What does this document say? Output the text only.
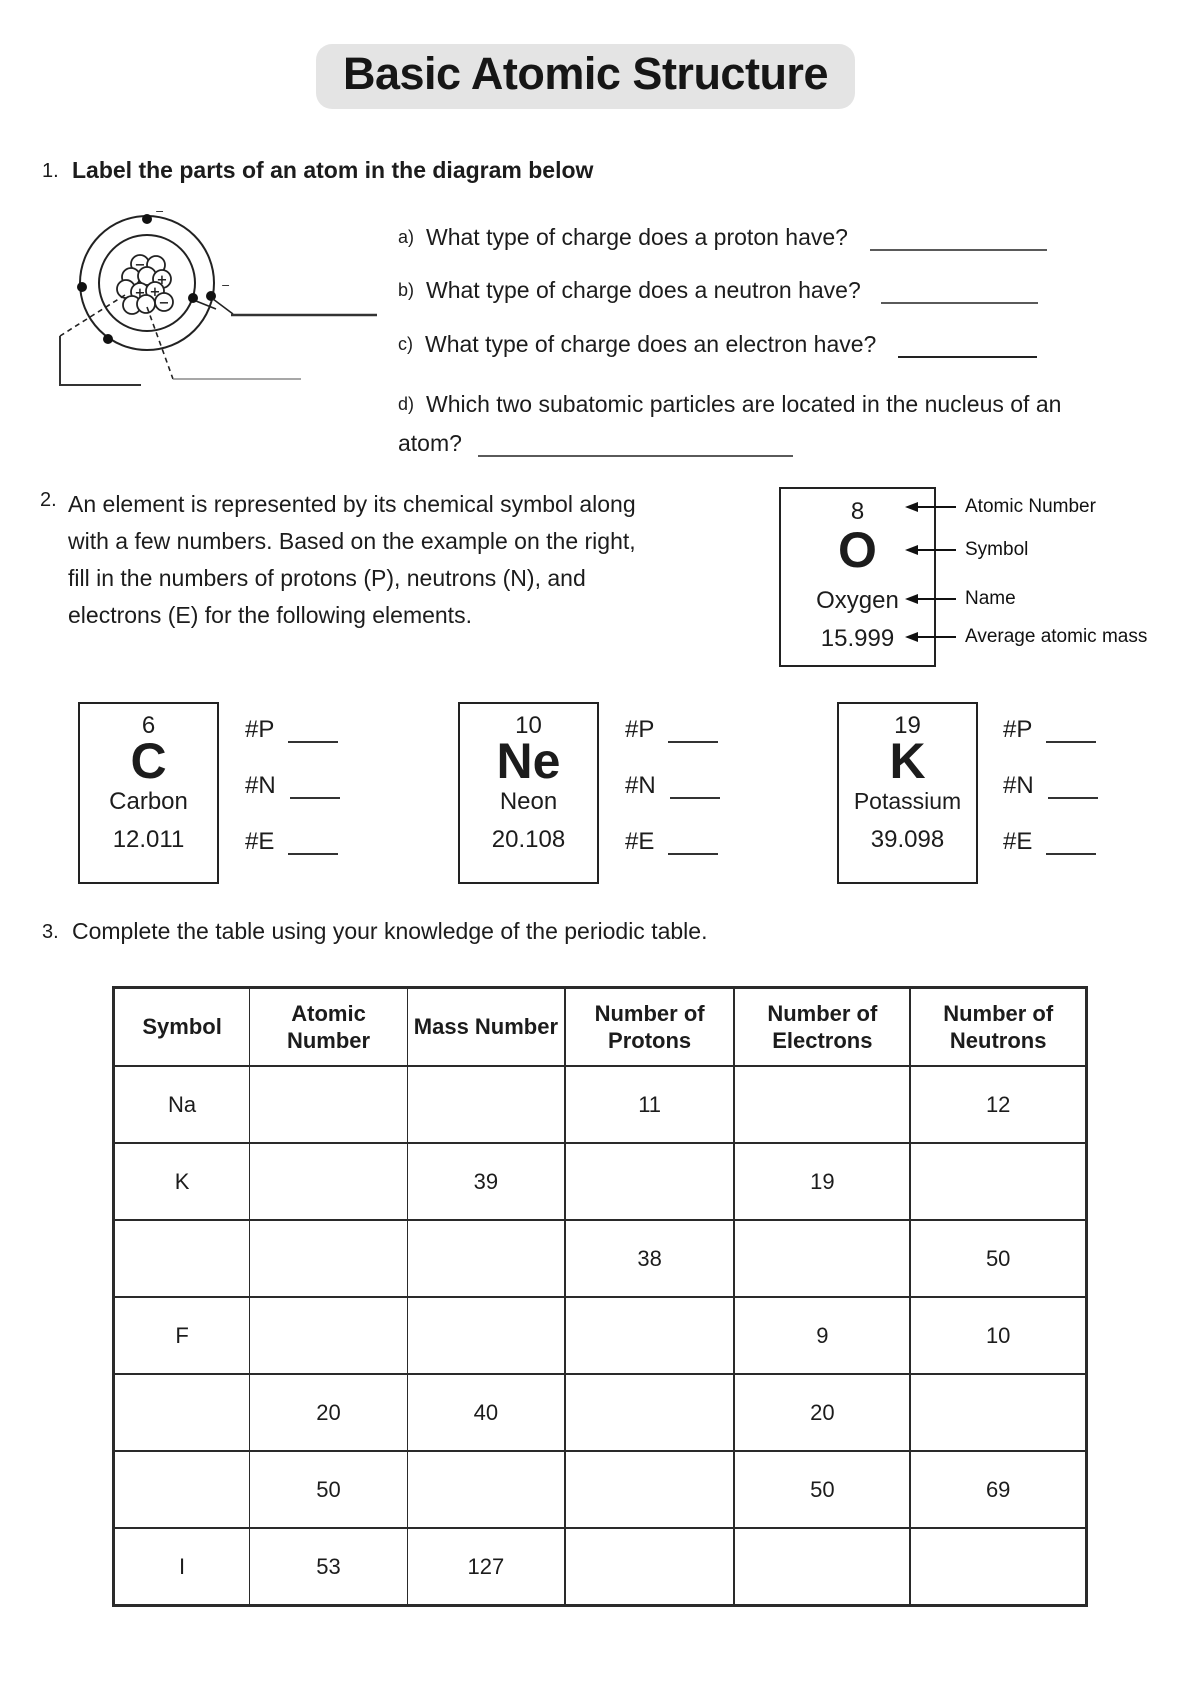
Basic Atomic Structure
1. Label the parts of an atom in the diagram below
−
−
−
+
+ +
−
a) What type of charge does a proton have?
b) What type of charge does a neutron have?
c) What type of charge does an electron have?
d) Which two subatomic particles are located in the nucleus of an atom?
2. An element is represented by its chemical symbol along with a few numbers. Based on the example on the right, fill in the numbers of protons (P), neutrons (N), and electrons (E) for the following elements.
8
O
Oxygen
15.999
Atomic Number
Symbol
Name
Average atomic mass
6
C
Carbon
12.011
#P
#N
#E
10
Ne
Neon
20.108
#P
#N
#E
19
K
Potassium
39.098
#P
#N
#E
3. Complete the table using your knowledge of the periodic table.
Symbol	Atomic Number	Mass Number	Number of Protons	Number of Electrons	Number of Neutrons
Na			11		12
K		39		19	
			38		50
F				9	10
	20	40		20	
	50			50	69
I	53	127			
